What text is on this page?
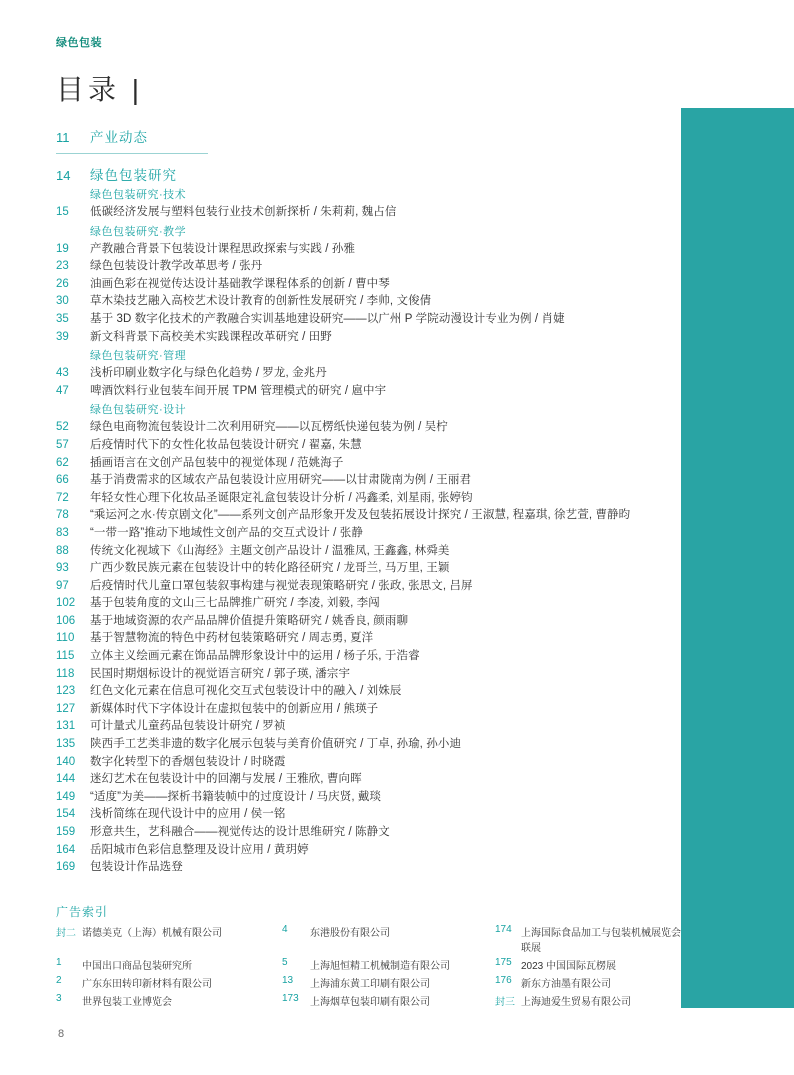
绿色包装
目录 |
11	产业动态
14	绿色包装研究
绿色包装研究·技术
15	低碳经济发展与塑料包装行业技术创新探析 / 朱莉莉, 魏占信
绿色包装研究·教学
19	产教融合背景下包装设计课程思政探索与实践 / 孙雅
23	绿色包装设计教学改革思考 / 张丹
26	油画色彩在视觉传达设计基础教学课程体系的创新 / 曹中琴
30	草木染技艺融入高校艺术设计教育的创新性发展研究 / 李帅, 文俊倩
35	基于 3D 数字化技术的产教融合实训基地建设研究——以广州 P 学院动漫设计专业为例 / 肖婕
39	新文科背景下高校美术实践课程改革研究 / 田野
绿色包装研究·管理
43	浅析印刷业数字化与绿色化趋势 / 罗龙, 金兆丹
47	啤酒饮料行业包装车间开展 TPM 管理模式的研究 / 扈中宇
绿色包装研究·设计
52	绿色电商物流包装设计二次利用研究——以瓦楞纸快递包装为例 / 吴柠
57	后疫情时代下的女性化妆品包装设计研究 / 翟嘉, 朱慧
62	插画语言在文创产品包装中的视觉体现 / 范姚海子
66	基于消费需求的区域农产品包装设计应用研究——以甘肃陇南为例 / 王丽君
72	年轻女性心理下化妆品圣诞限定礼盒包装设计分析 / 冯鑫柔, 刘星雨, 张婷钧
78	“乘运河之水·传京剧文化”——系列文创产品形象开发及包装拓展设计探究 / 王淑慧, 程嘉琪, 徐艺萱, 曹静昀
83	“一带一路”推动下地域性文创产品的交互式设计 / 张静
88	传统文化视域下《山海经》主题文创产品设计 / 温雅凤, 王鑫鑫, 林舜美
93	广西少数民族元素在包装设计中的转化路径研究 / 龙哥兰, 马万里, 王颖
97	后疫情时代儿童口罩包装叙事构建与视觉表现策略研究 / 张政, 张思文, 吕屏
102	基于包装角度的文山三七品牌推广研究 / 李凌, 刘毅, 李闯
106	基于地域资源的农产品品牌价值提升策略研究 / 姚香良, 颜雨聊
110	基于智慧物流的特色中药材包装策略研究 / 周志勇, 夏洋
115	立体主义绘画元素在饰品品牌形象设计中的运用 / 杨子乐, 于浩睿
118	民国时期烟标设计的视觉语言研究 / 郭子瑛, 潘宗宇
123	红色文化元素在信息可视化交互式包装设计中的融入 / 刘姝辰
127	新媒体时代下字体设计在虚拟包装中的创新应用 / 熊瑛子
131	可计量式儿童药品包装设计研究 / 罗祯
135	陕西手工艺类非遗的数字化展示包装与美育价值研究 / 丁卓, 孙瑜, 孙小迪
140	数字化转型下的香烟包装设计 / 时晓霞
144	迷幻艺术在包装设计中的回潮与发展 / 王雅欣, 曹向晖
149	“适度”为美——探析书籍装帧中的过度设计 / 马庆贤, 戴琰
154	浅析简练在现代设计中的应用 / 侯一铭
159	形意共生，艺科融合——视觉传达的设计思维研究 / 陈静文
164	岳阳城市色彩信息整理及设计应用 / 黄玥婷
169	包装设计作品选登
广告索引
封二 诺德美克（上海）机械有限公司	4	东港股份有限公司	174 上海国际食品加工与包装机械展览会联展
1	中国出口商品包装研究所	5	上海旭恒精工机械制造有限公司	175 2023 中国国际瓦楞展
2	广东东田转印新材料有限公司	13	上海浦东黄工印刷有限公司	176 新东方油墨有限公司
3	世界包装工业博览会	173	上海烟草包装印刷有限公司	封三 上海迪爱生贸易有限公司
8
